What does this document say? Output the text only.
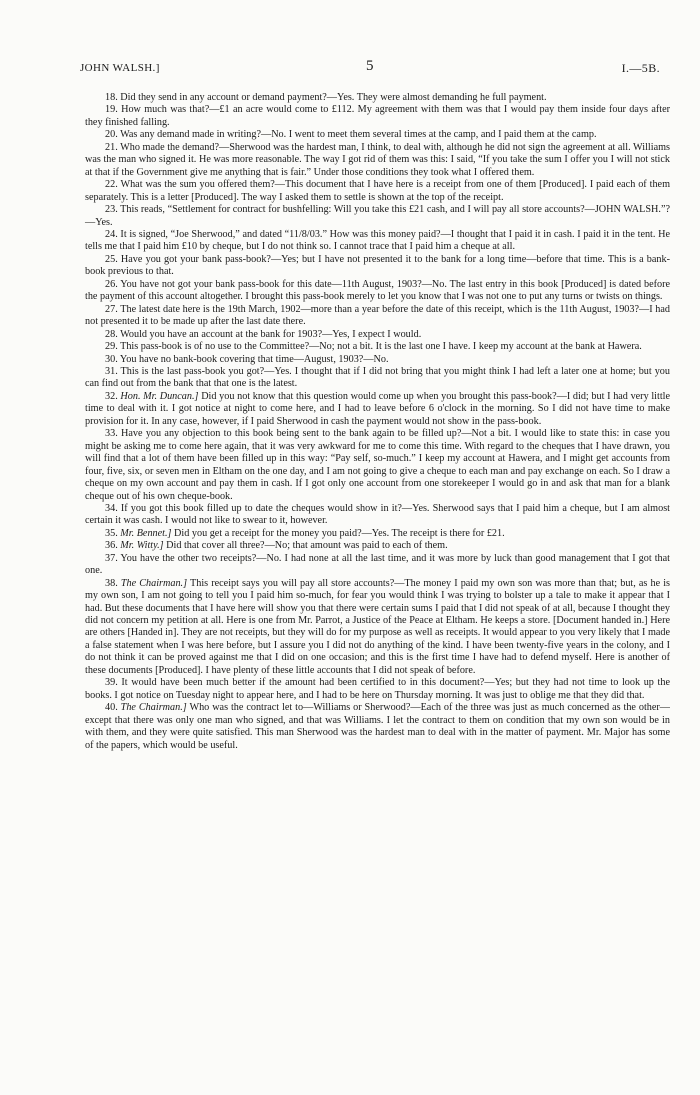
JOHN WALSH.]	5	I.—5B.

18. Did they send in any account or demand payment?—Yes. They were almost demanding he full payment.

19. How much was that?—£1 an acre would come to £112. My agreement with them was that I would pay them inside four days after they finished falling.

20. Was any demand made in writing?—No. I went to meet them several times at the camp, and I paid them at the camp.

21. Who made the demand?—Sherwood was the hardest man, I think, to deal with, although he did not sign the agreement at all. Williams was the man who signed it. He was more reasonable. The way I got rid of them was this: I said, “If you take the sum I offer you I will not stick at that if the Government give me anything that is fair.” Under those conditions they took what I offered them.

22. What was the sum you offered them?—This document that I have here is a receipt from one of them [Produced]. I paid each of them separately. This is a letter [Produced]. The way I asked them to settle is shown at the top of the receipt.

23. This reads, “Settlement for contract for bushfelling: Will you take this £21 cash, and I will pay all store accounts?—JOHN WALSH.”?—Yes.

24. It is signed, “Joe Sherwood,” and dated “11/8/03.” How was this money paid?—I thought that I paid it in cash. I paid it in the tent. He tells me that I paid him £10 by cheque, but I do not think so. I cannot trace that I paid him a cheque at all.

25. Have you got your bank pass-book?—Yes; but I have not presented it to the bank for a long time—before that time. This is a bank-book previous to that.

26. You have not got your bank pass-book for this date—11th August, 1903?—No. The last entry in this book [Produced] is dated before the payment of this account altogether. I brought this pass-book merely to let you know that I was not one to put any turns or twists on things.

27. The latest date here is the 19th March, 1902—more than a year before the date of this receipt, which is the 11th August, 1903?—I had not presented it to be made up after the last date there.

28. Would you have an account at the bank for 1903?—Yes, I expect I would.

29. This pass-book is of no use to the Committee?—No; not a bit. It is the last one I have. I keep my account at the bank at Hawera.

30. You have no bank-book covering that time—August, 1903?—No.

31. This is the last pass-book you got?—Yes. I thought that if I did not bring that you might think I had left a later one at home; but you can find out from the bank that that one is the latest.

32. Hon. Mr. Duncan.] Did you not know that this question would come up when you brought this pass-book?—I did; but I had very little time to deal with it. I got notice at night to come here, and I had to leave before 6 o'clock in the morning. So I did not have time to make provision for it. In any case, however, if I paid Sherwood in cash the payment would not show in the pass-book.

33. Have you any objection to this book being sent to the bank again to be filled up?—Not a bit. I would like to state this: in case you might be asking me to come here again, that it was very awkward for me to come this time. With regard to the cheques that I have drawn, you will find that a lot of them have been filled up in this way: “Pay self, so-much.” I keep my account at Hawera, and I might get accounts from four, five, six, or seven men in Eltham on the one day, and I am not going to give a cheque to each man and pay exchange on each. So I draw a cheque on my own account and pay them in cash. If I got only one account from one storekeeper I would go in and ask that man for a blank cheque out of his own cheque-book.

34. If you got this book filled up to date the cheques would show in it?—Yes. Sherwood says that I paid him a cheque, but I am almost certain it was cash. I would not like to swear to it, however.

35. Mr. Bennet.] Did you get a receipt for the money you paid?—Yes. The receipt is there for £21.

36. Mr. Witty.] Did that cover all three?—No; that amount was paid to each of them.

37. You have the other two receipts?—No. I had none at all the last time, and it was more by luck than good management that I got that one.

38. The Chairman.] This receipt says you will pay all store accounts?—The money I paid my own son was more than that; but, as he is my own son, I am not going to tell you I paid him so-much, for fear you would think I was trying to bolster up a tale to make it appear that I had. But these documents that I have here will show you that there were certain sums I paid that I did not speak of at all, because I thought they did not concern my petition at all. Here is one from Mr. Parrot, a Justice of the Peace at Eltham. He keeps a store. [Document handed in.] Here are others [Handed in]. They are not receipts, but they will do for my purpose as well as receipts. It would appear to you very likely that I made a false statement when I was here before, but I assure you I did not do anything of the kind. I have been twenty-five years in the colony, and I do not think it can be proved against me that I did on one occasion; and this is the first time I have had to defend myself. Here is another of these documents [Produced]. I have plenty of these little accounts that I did not speak of before.

39. It would have been much better if the amount had been certified to in this document?—Yes; but they had not time to look up the books. I got notice on Tuesday night to appear here, and I had to be here on Thursday morning. It was just to oblige me that they did that.

40. The Chairman.] Who was the contract let to—Williams or Sherwood?—Each of the three was just as much concerned as the other—except that there was only one man who signed, and that was Williams. I let the contract to them on condition that my own son would be in with them, and they were quite satisfied. This man Sherwood was the hardest man to deal with in the matter of payment. Mr. Major has some of the papers, which would be useful.
